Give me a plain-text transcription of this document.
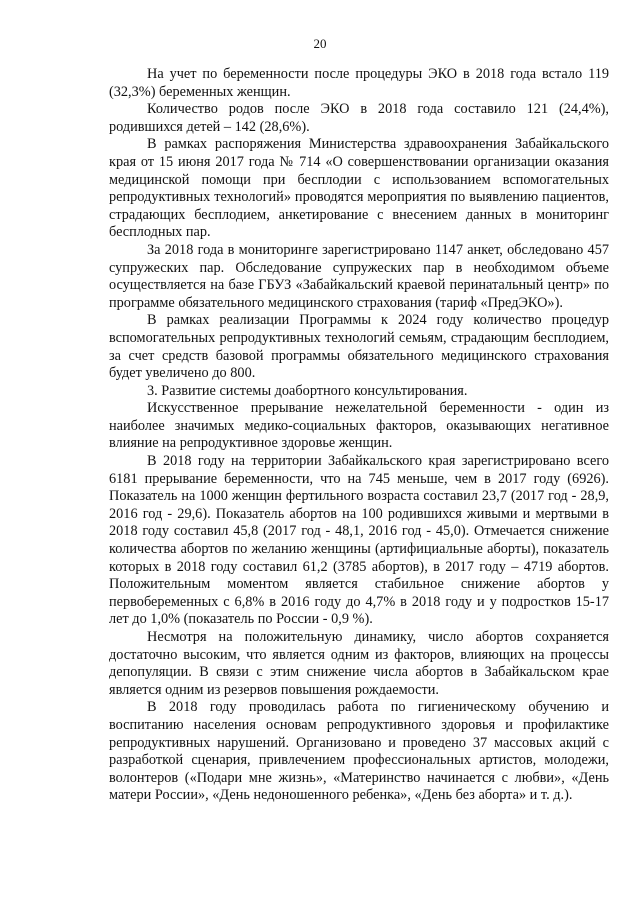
20

На учет по беременности после процедуры ЭКО в 2018 года встало 119 (32,3%) беременных женщин.

Количество родов после ЭКО в 2018 года составило 121 (24,4%), родившихся детей – 142 (28,6%).

В рамках распоряжения Министерства здравоохранения Забайкальского края от 15 июня 2017 года № 714 «О совершенствовании организации оказания медицинской помощи при бесплодии с использованием вспомогательных репродуктивных технологий» проводятся мероприятия по выявлению пациентов, страдающих бесплодием, анкетирование с внесением данных в мониторинг бесплодных пар.

За 2018 года в мониторинге зарегистрировано 1147 анкет, обследовано 457 супружеских пар. Обследование супружеских пар в необходимом объеме осуществляется на базе ГБУЗ «Забайкальский краевой перинатальный центр» по программе обязательного медицинского страхования (тариф «ПредЭКО»).

В рамках реализации Программы к 2024 году количество процедур вспомогательных репродуктивных технологий семьям, страдающим бесплодием, за счет средств базовой программы обязательного медицинского страхования будет увеличено до 800.

3. Развитие системы доабортного консультирования.

Искусственное прерывание нежелательной беременности - один из наиболее значимых медико-социальных факторов, оказывающих негативное влияние на репродуктивное здоровье женщин.

В 2018 году на территории Забайкальского края зарегистрировано всего 6181 прерывание беременности, что на 745 меньше, чем в 2017 году (6926). Показатель на 1000 женщин фертильного возраста составил 23,7 (2017 год - 28,9, 2016 год - 29,6). Показатель абортов на 100 родившихся живыми и мертвыми в 2018 году составил 45,8 (2017 год - 48,1, 2016 год - 45,0). Отмечается снижение количества абортов по желанию женщины (артифициальные аборты), показатель которых в 2018 году составил 61,2 (3785 абортов), в 2017 году – 4719 абортов. Положительным моментом является стабильное снижение абортов у первобеременных с 6,8% в 2016 году до 4,7% в 2018 году и у подростков 15-17 лет до 1,0% (показатель по России - 0,9 %).

Несмотря на положительную динамику, число абортов сохраняется достаточно высоким, что является одним из факторов, влияющих на процессы депопуляции. В связи с этим снижение числа абортов в Забайкальском крае является одним из резервов повышения рождаемости.

В 2018 году проводилась работа по гигиеническому обучению и воспитанию населения основам репродуктивного здоровья и профилактике репродуктивных нарушений. Организовано и проведено 37 массовых акций с разработкой сценария, привлечением профессиональных артистов, молодежи, волонтеров («Подари мне жизнь», «Материнство начинается с любви», «День матери России», «День недоношенного ребенка», «День без аборта» и т. д.).
